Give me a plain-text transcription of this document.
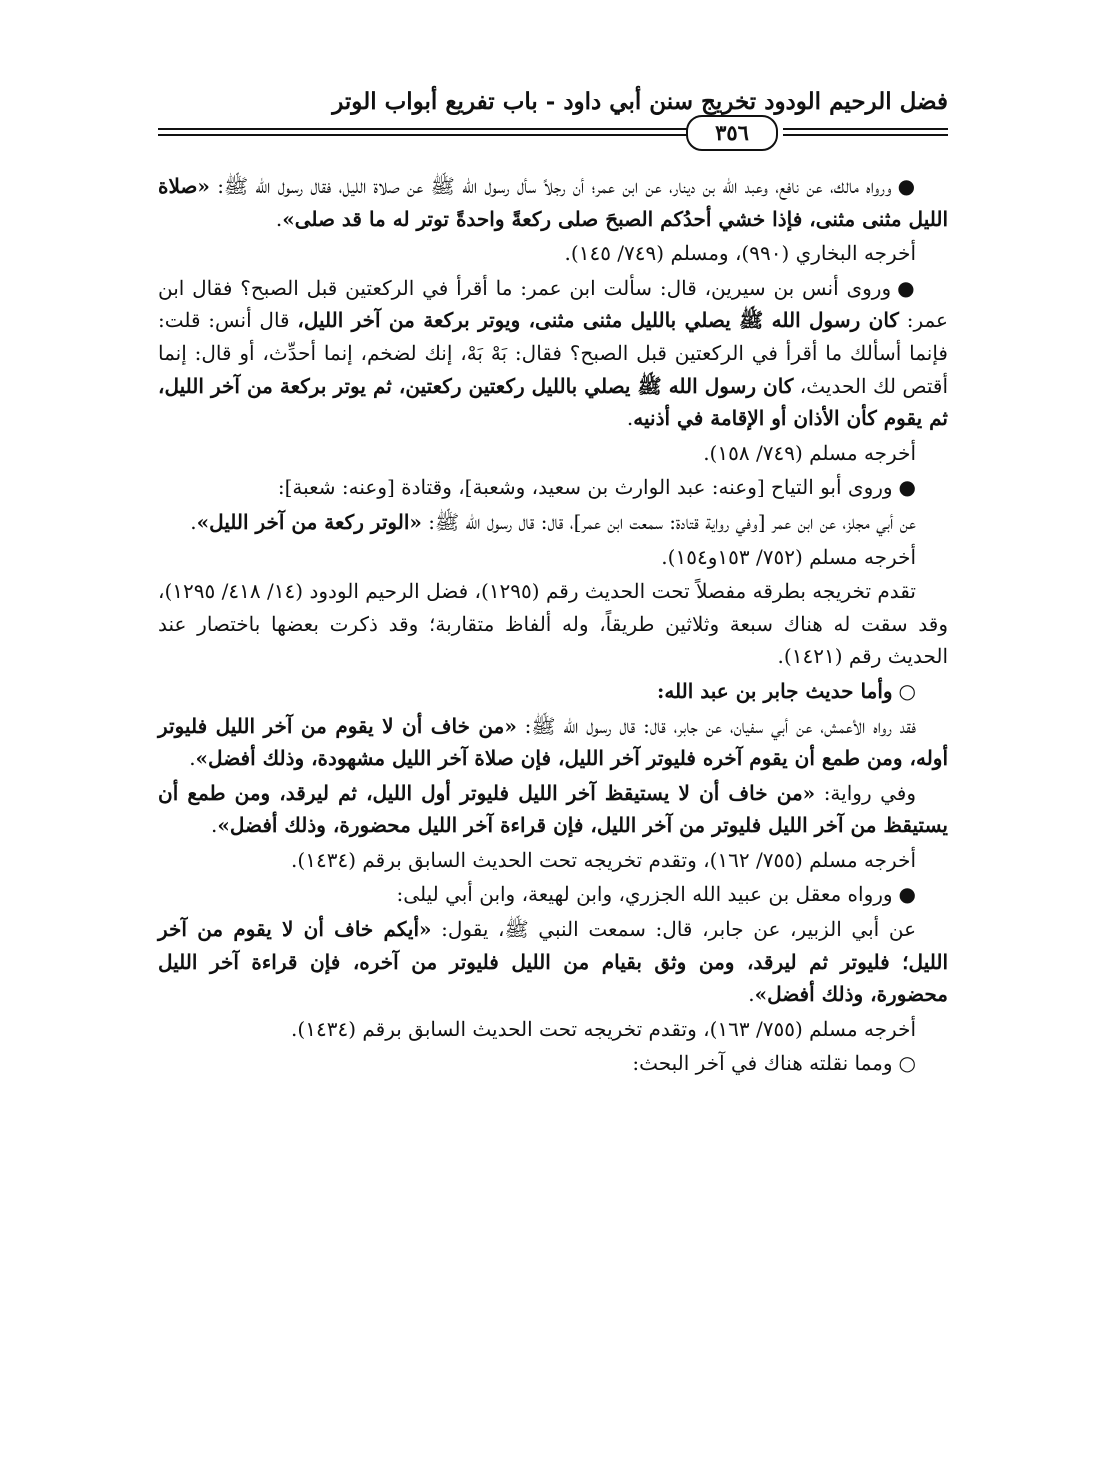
فضل الرحيم الودود تخريج سنن أبي داود - باب تفريع أبواب الوتر
٣٥٦

●ورواه مالك، عن نافع، وعبد الله بن دينار، عن ابن عمر؛ أن رجلاً سأل رسول الله ﷺ عن صلاة الليل، فقال رسول الله ﷺ: «صلاة الليل مثنى مثنى، فإذا خشي أحدُكم الصبحَ صلى ركعةً واحدةً توتر له ما قد صلى».

أخرجه البخاري (٩٩٠)، ومسلم (٧٤٩/ ١٤٥).

●وروى أنس بن سيرين، قال: سألت ابن عمر: ما أقرأ في الركعتين قبل الصبح؟ فقال ابن عمر: كان رسول الله ﷺ يصلي بالليل مثنى مثنى، ويوتر بركعة من آخر الليل، قال أنس: قلت: فإنما أسألك ما أقرأ في الركعتين قبل الصبح؟ فقال: بَهْ بَهْ، إنك لضخم، إنما أحدِّث، أو قال: إنما أقتص لك الحديث، كان رسول الله ﷺ يصلي بالليل ركعتين ركعتين، ثم يوتر بركعة من آخر الليل، ثم يقوم كأن الأذان أو الإقامة في أذنيه.

أخرجه مسلم (٧٤٩/ ١٥٨).

●وروى أبو التياح [وعنه: عبد الوارث بن سعيد، وشعبة]، وقتادة [وعنه: شعبة]:

عن أبي مجلز، عن ابن عمر [وفي رواية قتادة: سمعت ابن عمر]، قال: قال رسول الله ﷺ: «الوتر ركعة من آخر الليل».

أخرجه مسلم (٧٥٢/ ١٥٣و١٥٤).

تقدم تخريجه بطرقه مفصلاً تحت الحديث رقم (١٢٩٥)، فضل الرحيم الودود (١٤/ ٤١٨/ ١٢٩٥)، وقد سقت له هناك سبعة وثلاثين طريقاً، وله ألفاظ متقاربة؛ وقد ذكرت بعضها باختصار عند الحديث رقم (١٤٢١).

○وأما حديث جابر بن عبد الله:

فقد رواه الأعمش، عن أبي سفيان، عن جابر، قال: قال رسول الله ﷺ: «من خاف أن لا يقوم من آخر الليل فليوتر أوله، ومن طمع أن يقوم آخره فليوتر آخر الليل، فإن صلاة آخر الليل مشهودة، وذلك أفضل».

وفي رواية: «من خاف أن لا يستيقظ آخر الليل فليوتر أول الليل، ثم ليرقد، ومن طمع أن يستيقظ من آخر الليل فليوتر من آخر الليل، فإن قراءة آخر الليل محضورة، وذلك أفضل».

أخرجه مسلم (٧٥٥/ ١٦٢)، وتقدم تخريجه تحت الحديث السابق برقم (١٤٣٤).

●ورواه معقل بن عبيد الله الجزري، وابن لهيعة، وابن أبي ليلى:

عن أبي الزبير، عن جابر، قال: سمعت النبي ﷺ، يقول: «أيكم خاف أن لا يقوم من آخر الليل؛ فليوتر ثم ليرقد، ومن وثق بقيام من الليل فليوتر من آخره، فإن قراءة آخر الليل محضورة، وذلك أفضل».

أخرجه مسلم (٧٥٥/ ١٦٣)، وتقدم تخريجه تحت الحديث السابق برقم (١٤٣٤).

○ومما نقلته هناك في آخر البحث:
